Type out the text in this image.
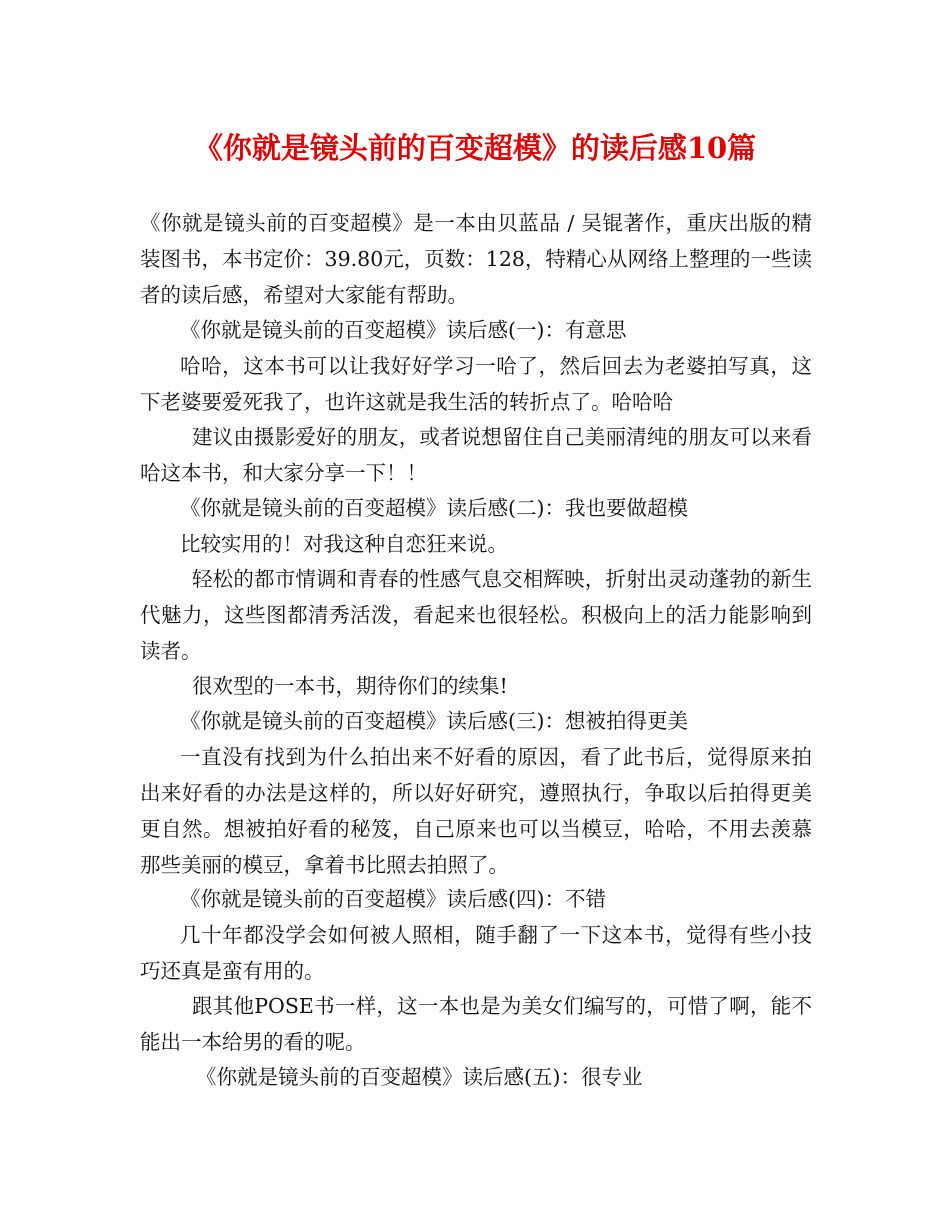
《你就是镜头前的百变超模》的读后感10篇

《你就是镜头前的百变超模》是一本由贝蓝品 / 吴锟著作，重庆出版的精装图书，本书定价：39.80元，页数：128，特精心从网络上整理的一些读者的读后感，希望对大家能有帮助。

《你就是镜头前的百变超模》读后感(一)：有意思

哈哈，这本书可以让我好好学习一哈了，然后回去为老婆拍写真，这下老婆要爱死我了，也许这就是我生活的转折点了。哈哈哈

建议由摄影爱好的朋友，或者说想留住自己美丽清纯的朋友可以来看哈这本书，和大家分享一下！！

《你就是镜头前的百变超模》读后感(二)：我也要做超模

比较实用的！对我这种自恋狂来说。

轻松的都市情调和青春的性感气息交相辉映，折射出灵动蓬勃的新生代魅力，这些图都清秀活泼，看起来也很轻松。积极向上的活力能影响到读者。

很欢型的一本书，期待你们的续集!

《你就是镜头前的百变超模》读后感(三)：想被拍得更美

一直没有找到为什么拍出来不好看的原因，看了此书后，觉得原来拍出来好看的办法是这样的，所以好好研究，遵照执行，争取以后拍得更美更自然。想被拍好看的秘笈，自己原来也可以当模豆，哈哈，不用去羡慕那些美丽的模豆，拿着书比照去拍照了。

《你就是镜头前的百变超模》读后感(四)：不错

几十年都没学会如何被人照相，随手翻了一下这本书，觉得有些小技巧还真是蛮有用的。

跟其他POSE书一样，这一本也是为美女们编写的，可惜了啊，能不能出一本给男的看的呢。

《你就是镜头前的百变超模》读后感(五)：很专业
